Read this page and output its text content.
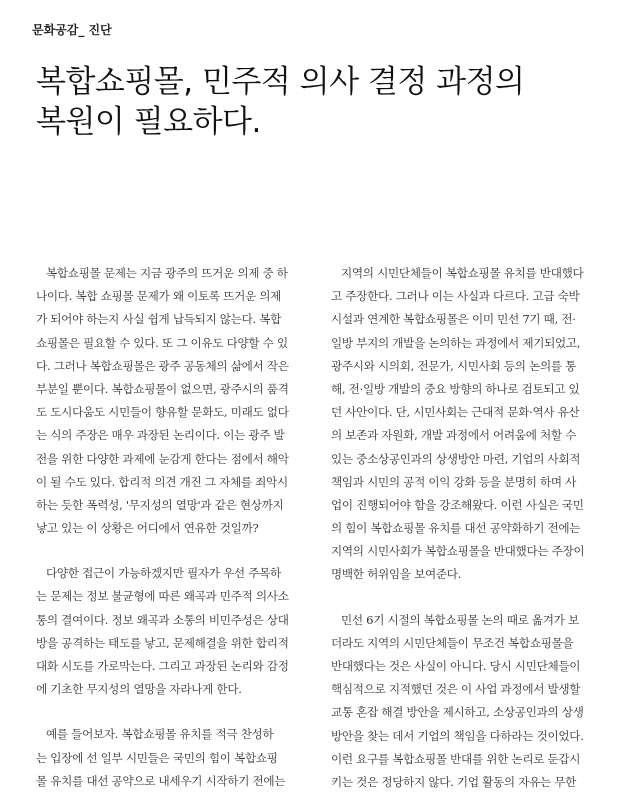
문화공감_ 진단
복합쇼핑몰, 민주적 의사 결정 과정의
복원이 필요하다.
복합쇼핑몰 문제는 지금 광주의 뜨거운 의제 중 하
나이다. 복합 쇼핑몰 문제가 왜 이토록 뜨거운 의제
가 되어야 하는지 사실 쉽게 납득되지 않는다. 복합
쇼핑몰은 필요할 수 있다. 또 그 이유도 다양할 수 있
다. 그러나 복합쇼핑몰은 광주 공동체의 삶에서 작은
부분일 뿐이다. 복합쇼핑몰이 없으면, 광주시의 품격
도 도시다움도 시민들이 향유할 문화도, 미래도 없다
는 식의 주장은 매우 과장된 논리이다. 이는 광주 발
전을 위한 다양한 과제에 눈감게 한다는 점에서 해악
이 될 수도 있다. 합리적 의견 개진 그 자체를 죄악시
하는 듯한 폭력성, '무지성의 열망'과 같은 현상까지
낳고 있는 이 상황은 어디에서 연유한 것일까?
다양한 접근이 가능하겠지만 필자가 우선 주목하
는 문제는 정보 불균형에 따른 왜곡과 민주적 의사소
통의 결여이다. 정보 왜곡과 소통의 비민주성은 상대
방을 공격하는 태도를 낳고, 문제해결을 위한 합리적
대화 시도를 가로막는다. 그리고 과장된 논리와 감정
에 기초한 무지성의 열망을 자라나게 한다.
예를 들어보자. 복합쇼핑몰 유치를 적극 찬성하
는 입장에 선 일부 시민들은 국민의 힘이 복합쇼핑
몰 유치를 대선 공약으로 내세우기 시작하기 전에는
지역의 시민단체들이 복합쇼핑몰 유치를 반대했다
고 주장한다. 그러나 이는 사실과 다르다. 고급 숙박
시설과 연계한 복합쇼핑몰은 이미 민선 7기 때, 전·
일방 부지의 개발을 논의하는 과정에서 제기되었고,
광주시와 시의회, 전문가, 시민사회 등의 논의를 통
해, 전·일방 개발의 중요 방향의 하나로 검토되고 있
던 사안이다. 단, 시민사회는 근대적 문화·역사 유산
의 보존과 자원화, 개발 과정에서 어려움에 처할 수
있는 중소상공인과의 상생방안 마련, 기업의 사회적
책임과 시민의 공적 이익 강화 등을 분명히 하며 사
업이 진행되어야 함을 강조해왔다. 이런 사실은 국민
의 힘이 복합쇼핑몰 유치를 대선 공약화하기 전에는
지역의 시민사회가 복합쇼핑몰을 반대했다는 주장이
명백한 허위임을 보여준다.
민선 6기 시절의 복합쇼핑몰 논의 때로 옮겨가 보
더라도 지역의 시민단체들이 무조건 복합쇼핑몰을
반대했다는 것은 사실이 아니다. 당시 시민단체들이
핵심적으로 지적했던 것은 이 사업 과정에서 발생할
교통 혼잡 해결 방안을 제시하고, 소상공인과의 상생
방안을 찾는 데서 기업의 책임을 다하라는 것이었다.
이런 요구를 복합쇼핑몰 반대를 위한 논리로 둔갑시
키는 것은 정당하지 않다. 기업 활동의 자유는 무한
